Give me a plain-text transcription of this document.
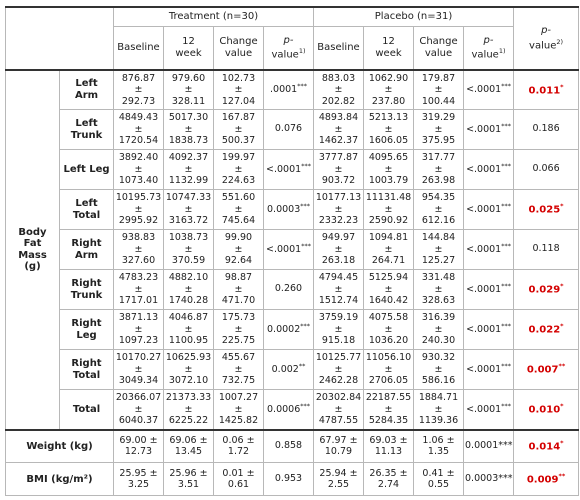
		Treatment (n=30)				Placebo (n=31)				p-
value$^{2)}$

		Baseline	12
week	Change
value	p-
value$^{1)}$	Baseline	12
week	Change
value	p-
value$^{1)}$

Body
Fat
Mass
(g)	Left
Arm	876.87
±
292.73	979.60
±
328.11	102.73
±
127.04	.0001***	883.03
±
202.82	1062.90
±
237.80	179.87
±
100.44	<.0001***	0.011*

	Left
Trunk	4849.43
±
1720.54	5017.30
±
1838.73	167.87
±
500.37	0.076	4893.84
±
1462.37	5213.13
±
1606.05	319.29
±
375.95	<.0001***	0.186

	Left Leg	3892.40
±
1073.40	4092.37
±
1132.99	199.97
±
224.63	<.0001***	3777.87
±
903.72	4095.65
±
1003.79	317.77
±
263.98	<.0001***	0.066

	Left
Total	10195.73
±
2995.92	10747.33
±
3163.72	551.60
±
745.64	0.0003***	10177.13
±
2332.23	11131.48
±
2590.92	954.35
±
612.16	<.0001***	0.025*

	Right
Arm	938.83
±
327.60	1038.73
±
370.59	99.90
±
92.64	<.0001***	949.97
±
263.18	1094.81
±
264.71	144.84
±
125.27	<.0001***	0.118

	Right
Trunk	4783.23
±
1717.01	4882.10
±
1740.28	98.87
±
471.70	0.260	4794.45
±
1512.74	5125.94
±
1640.42	331.48
±
328.63	<.0001***	0.029*

	Right
Leg	3871.13
±
1097.23	4046.87
±
1100.95	175.73
±
225.75	0.0002***	3759.19
±
915.18	4075.58
±
1036.20	316.39
±
240.30	<.0001***	0.022*

	Right
Total	10170.27
±
3049.34	10625.93
±
3072.10	455.67
±
732.75	0.002**	10125.77
±
2462.28	11056.10
±
2706.05	930.32
±
586.16	<.0001***	0.007**

	Total	20366.07
±
6040.37	21373.33
±
6225.22	1007.27
±
1425.82	0.0006***	20302.84
±
4787.55	22187.55
±
5284.35	1884.71
±
1139.36	<.0001***	0.010*
Weight (kg)		69.00 ±
12.73	69.06 ±
13.45	0.06 ±
1.72	0.858	67.97 ±
10.79	69.03 ±
11.13	1.06 ±
1.35	0.0001***	0.014*
BMI (kg/m²)		25.95 ±
3.25	25.96 ±
3.51	0.01 ±
0.61	0.953	25.94 ±
2.55	26.35 ±
2.74	0.41 ±
0.55	0.0003***	0.009**
